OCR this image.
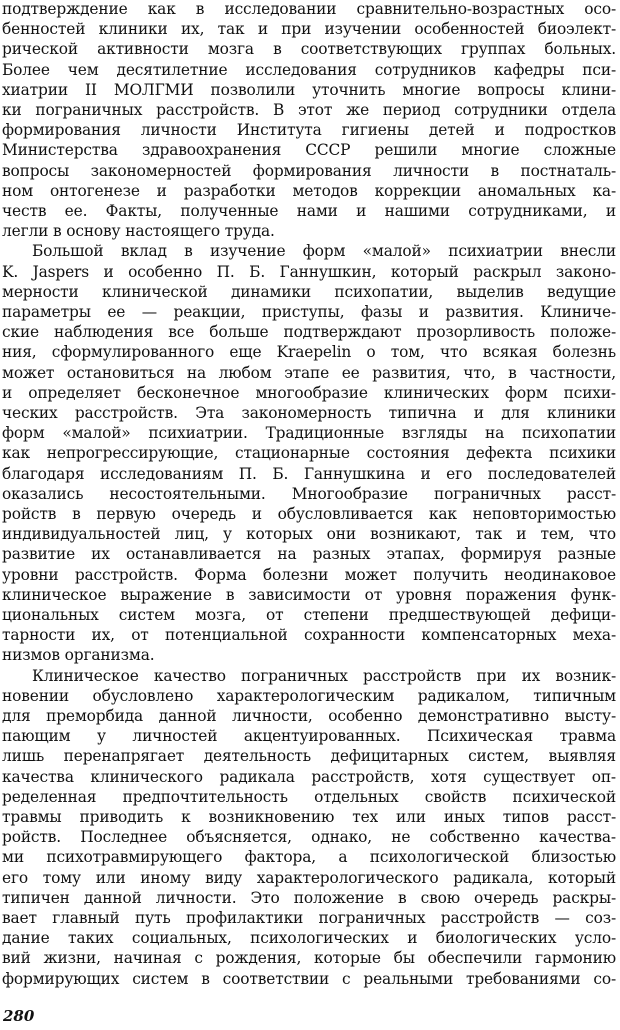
подтверждение как в исследовании сравнительно-возрастных осо-
бенностей клиники их, так и при изучении особенностей биоэлект-
рической активности мозга в соответствующих группах больных.
Более чем десятилетние исследования сотрудников кафедры пси-
хиатрии II МОЛГМИ позволили уточнить многие вопросы клини-
ки пограничных расстройств. В этот же период сотрудники отдела
формирования личности Института гигиены детей и подростков
Министерства здравоохранения СССР решили многие сложные
вопросы закономерностей формирования личности в постнаталь-
ном онтогенезе и разработки методов коррекции аномальных ка-
честв ее. Факты, полученные нами и нашими сотрудниками, и
легли в основу настоящего труда.
Большой вклад в изучение форм «малой» психиатрии внесли
K. Jaspers и особенно П. Б. Ганнушкин, который раскрыл законо-
мерности клинической динамики психопатии, выделив ведущие
параметры ее — реакции, приступы, фазы и развития. Клиниче-
ские наблюдения все больше подтверждают прозорливость положе-
ния, сформулированного еще Kraepelin о том, что всякая болезнь
может остановиться на любом этапе ее развития, что, в частности,
и определяет бесконечное многообразие клинических форм психи-
ческих расстройств. Эта закономерность типична и для клиники
форм «малой» психиатрии. Традиционные взгляды на психопатии
как непрогрессирующие, стационарные состояния дефекта психики
благодаря исследованиям П. Б. Ганнушкина и его последователей
оказались несостоятельными. Многообразие пограничных расст-
ройств в первую очередь и обусловливается как неповторимостью
индивидуальностей лиц, у которых они возникают, так и тем, что
развитие их останавливается на разных этапах, формируя разные
уровни расстройств. Форма болезни может получить неодинаковое
клиническое выражение в зависимости от уровня поражения функ-
циональных систем мозга, от степени предшествующей дефици-
тарности их, от потенциальной сохранности компенсаторных меха-
низмов организма.
Клиническое качество пограничных расстройств при их возник-
новении обусловлено характерологическим радикалом, типичным
для преморбида данной личности, особенно демонстративно высту-
пающим у личностей акцентуированных. Психическая травма
лишь перенапрягает деятельность дефицитарных систем, выявляя
качества клинического радикала расстройств, хотя существует оп-
ределенная предпочтительность отдельных свойств психической
травмы приводить к возникновению тех или иных типов расст-
ройств. Последнее объясняется, однако, не собственно качества-
ми психотравмирующего фактора, а психологической близостью
его тому или иному виду характерологического радикала, который
типичен данной личности. Это положение в свою очередь раскры-
вает главный путь профилактики пограничных расстройств — соз-
дание таких социальных, психологических и биологических усло-
вий жизни, начиная с рождения, которые бы обеспечили гармонию
формирующих систем в соответствии с реальными требованиями со-
280
